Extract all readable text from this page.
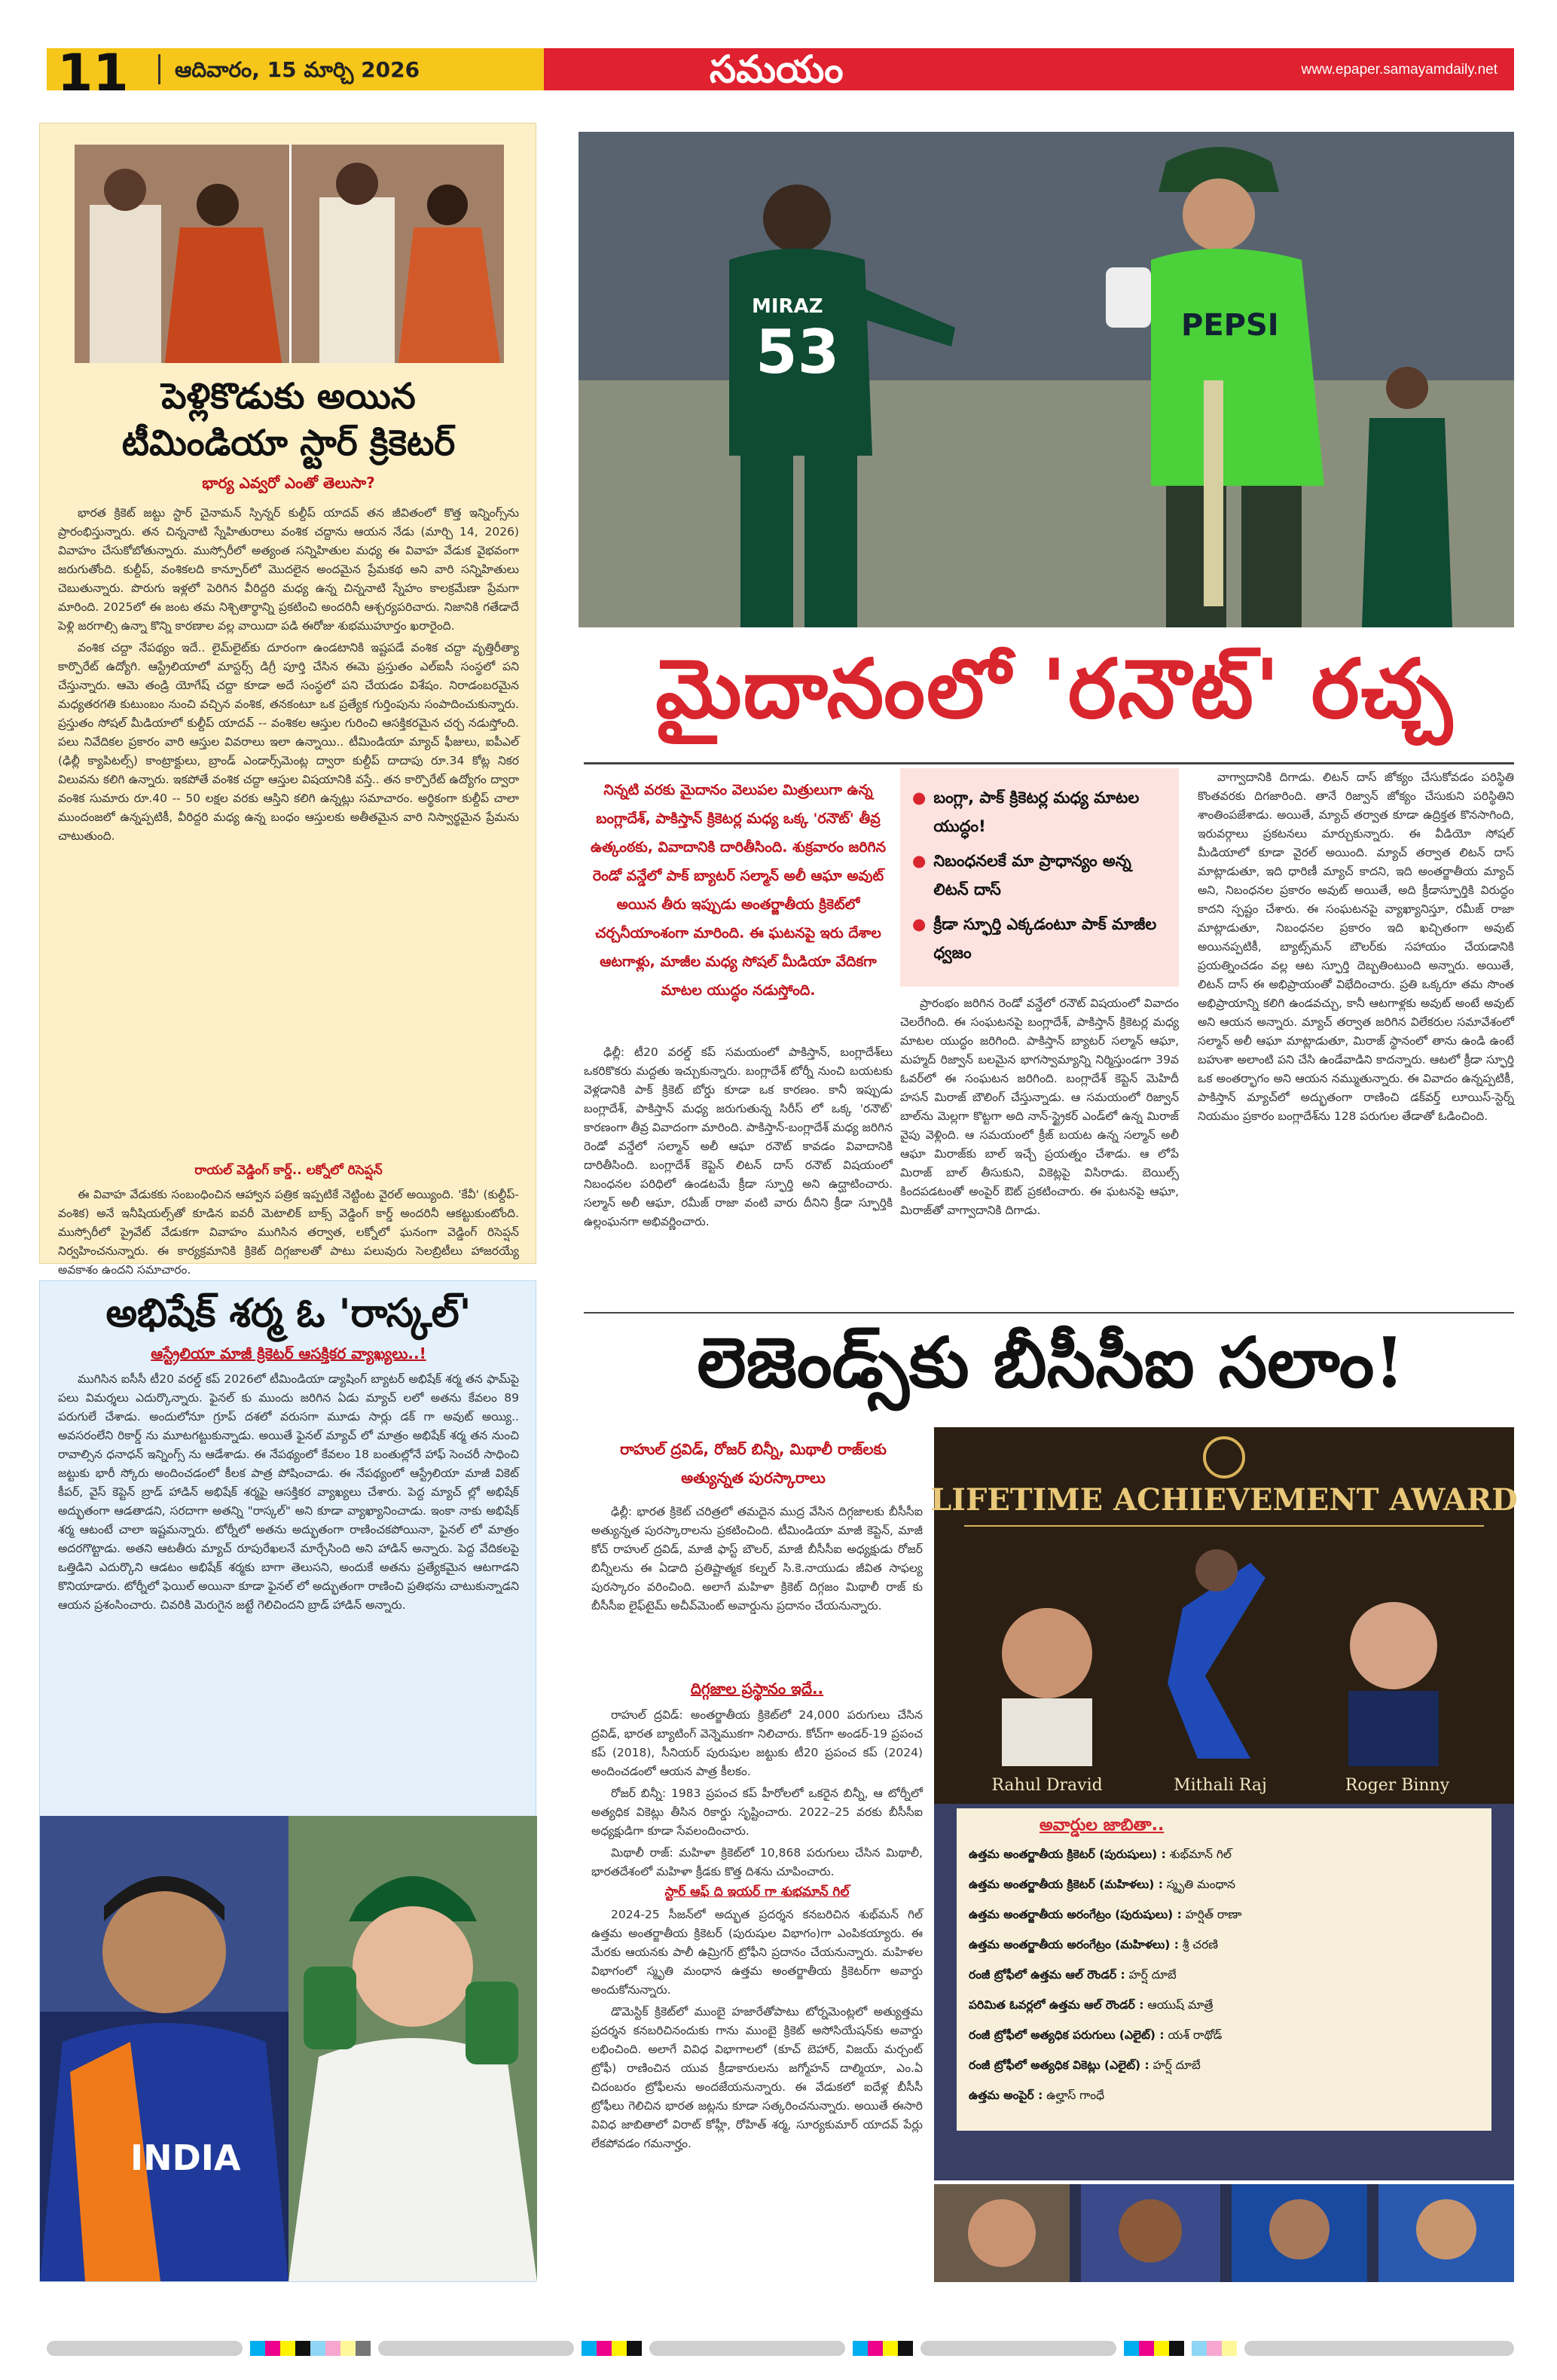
11 ఆదివారం, 15 మార్చి 2026	సమయం	www.epaper.samayamdaily.net
పెళ్లికొడుకు అయిన
టీమిండియా స్టార్ క్రికెటర్
భార్య ఎవ్వరో ఎంతో తెలుసా?

భారత క్రికెట్ జట్టు స్టార్ చైనామన్ స్పిన్నర్ కుల్దీప్ యాదవ్ తన జీవితంలో కొత్త ఇన్నింగ్స్‌ను ప్రారంభిస్తున్నారు. తన చిన్ననాటి స్నేహితురాలు వంశిక చద్దాను ఆయన నేడు (మార్చి 14, 2026) వివాహం చేసుకోబోతున్నారు. ముస్సోరీలో అత్యంత సన్నిహితుల మధ్య ఈ వివాహ వేడుక వైభవంగా జరుగుతోంది. కుల్దీప్, వంశికలది కాన్పూర్‌లో మొదలైన అందమైన ప్రేమకథ అని వారి సన్నిహితులు చెబుతున్నారు. పొరుగు ఇళ్లలో పెరిగిన వీరిద్దరి మధ్య ఉన్న చిన్ననాటి స్నేహం కాలక్రమేణా ప్రేమగా మారింది. 2025లో ఈ జంట తమ నిశ్చితార్థాన్ని ప్రకటించి అందరినీ ఆశ్చర్యపరిచారు. నిజానికి గతేడాదే పెళ్లి జరగాల్సి ఉన్నా కొన్ని కారణాల వల్ల వాయిదా పడి ఈరోజు శుభముహూర్తం ఖరారైంది.

వంశిక చద్దా నేపథ్యం ఇదే.. లైమ్‌లైట్‌కు దూరంగా ఉండటానికి ఇష్టపడే వంశిక చద్దా వృత్తిరీత్యా కార్పొరేట్ ఉద్యోగి. ఆస్ట్రేలియాలో మాస్టర్స్ డిగ్రీ పూర్తి చేసిన ఈమె ప్రస్తుతం ఎల్ఐసీ సంస్థలో పని చేస్తున్నారు. ఆమె తండ్రి యోగేష్ చద్దా కూడా అదే సంస్థలో పని చేయడం విశేషం. నిరాడంబరమైన మధ్యతరగతి కుటుంబం నుంచి వచ్చిన వంశిక, తనకంటూ ఒక ప్రత్యేక గుర్తింపును సంపాదించుకున్నారు. ప్రస్తుతం సోషల్ మీడియాలో కుల్దీప్ యాదవ్ -- వంశికల ఆస్తుల గురించి ఆసక్తికరమైన చర్చ నడుస్తోంది. పలు నివేదికల ప్రకారం వారి ఆస్తుల వివరాలు ఇలా ఉన్నాయి.. టీమిండియా మ్యాచ్ ఫీజులు, ఐపీఎల్ (ఢిల్లీ క్యాపిటల్స్) కాంట్రాక్టులు, బ్రాండ్ ఎండార్స్‌మెంట్ల ద్వారా కుల్దీప్ దాదాపు రూ.34 కోట్ల నికర విలువను కలిగి ఉన్నారు. ఇకపోతే వంశిక చద్దా ఆస్తుల విషయానికి వస్తే.. తన కార్పొరేట్ ఉద్యోగం ద్వారా వంశిక సుమారు రూ.40 -- 50 లక్షల వరకు ఆస్తిని కలిగి ఉన్నట్లు సమాచారం. అర్థికంగా కుల్దీప్ చాలా ముందంజలో ఉన్నప్పటికీ, వీరిద్దరి మధ్య ఉన్న బంధం ఆస్తులకు అతీతమైన వారి నిస్వార్థమైన ప్రేమను చాటుతుంది.

రాయల్ వెడ్డింగ్ కార్డ్.. లక్నోలో రిసెప్షన్

ఈ వివాహ వేడుకకు సంబంధించిన ఆహ్వాన పత్రిక ఇప్పటికే నెట్టింట వైరల్ అయ్యింది. 'కేవీ' (కుల్దీప్-వంశిక) అనే ఇనీషియల్స్‌తో కూడిన ఐవరీ మెటాలిక్ బాక్స్ వెడ్డింగ్ కార్డ్ అందరినీ ఆకట్టుకుంటోంది. ముస్సోరీలో ప్రైవేట్ వేడుకగా వివాహం ముగిసిన తర్వాత, లక్నోలో ఘనంగా వెడ్డింగ్ రిసెప్షన్ నిర్వహించనున్నారు. ఈ కార్యక్రమానికి క్రికెట్ దిగ్గజాలతో పాటు పలువురు సెలబ్రిటీలు హాజరయ్యే అవకాశం ఉందని సమాచారం.

అభిషేక్ శర్మ ఓ 'రాస్కల్'
ఆస్ట్రేలియా మాజీ క్రికెటర్ ఆసక్తికర వ్యాఖ్యలు..!

ముగిసిన ఐసీసీ టీ20 వరల్డ్ కప్ 2026లో టీమిండియా డ్యాషింగ్ బ్యాటర్ అభిషేక్ శర్మ తన ఫామ్‌పై పలు విమర్శలు ఎదుర్కొన్నారు. ఫైనల్ కు ముందు జరిగిన ఏడు మ్యాచ్ లలో అతను కేవలం 89 పరుగులే చేశాడు. అందులోనూ గ్రూప్ దశలో వరుసగా మూడు సార్లు డక్ గా అవుట్ అయ్యి.. అవసరంలేని రికార్డ్ ను మూటగట్టుకున్నాడు. అయితే ఫైనల్ మ్యాచ్ లో మాత్రం అభిషేక్ శర్మ తన నుంచి రావాల్సిన ధనాధన్ ఇన్నింగ్స్ ను ఆడేశాడు. ఈ నేపథ్యంలో కేవలం 18 బంతుల్లోనే హాఫ్ సెంచరీ సాధించి జట్టుకు భారీ స్కోరు అందించడంలో కీలక పాత్ర పోషించాడు. ఈ నేపథ్యంలో ఆస్ట్రేలియా మాజీ వికెట్ కీపర్, వైస్ కెప్టెన్ బ్రాడ్ హాడిన్ అభిషేక్ శర్మపై ఆసక్తికర వ్యాఖ్యలు చేశారు. పెద్ద మ్యాచ్ ల్లో అభిషేక్ అద్భుతంగా ఆడతాడని, సరదాగా అతన్ని "రాస్కల్" అని కూడా వ్యాఖ్యానించాడు. ఇంకా నాకు అభిషేక్ శర్మ ఆటంటే చాలా ఇష్టమన్నారు. టోర్నీలో అతను అద్భుతంగా రాణించకపోయినా, ఫైనల్ లో మాత్రం అదరగొట్టాడు. అతని ఆటతీరు మ్యాచ్ రూపురేఖలనే మార్చేసింది అని హాడిన్ అన్నారు. పెద్ద వేదికలపై ఒత్తిడిని ఎదుర్కొని ఆడటం అభిషేక్ శర్మకు బాగా తెలుసని, అందుకే అతను ప్రత్యేకమైన ఆటగాడని కొనియాడారు. టోర్నీలో ఫెయిల్ అయినా కూడా ఫైనల్ లో అద్భుతంగా రాణించి ప్రతిభను చాటుకున్నాడని ఆయన ప్రశంసించారు. చివరికి మెరుగైన జట్టే గెలిచిందని బ్రాడ్ హాడిన్ అన్నారు.

INDIA
MIRAZ
53	PEPSI
మైదానంలో 'రనౌట్' రచ్చ
నిన్నటి వరకు మైదానం వెలుపల మిత్రులుగా ఉన్న బంగ్లాదేశ్, పాకిస్తాన్ క్రికెటర్ల మధ్య ఒక్క 'రనౌట్' తీవ్ర ఉత్కంఠకు, వివాదానికి దారితీసింది. శుక్రవారం జరిగిన రెండో వన్డేలో పాక్ బ్యాటర్ సల్మాన్ అలీ ఆఘా అవుట్ అయిన తీరు ఇప్పుడు అంతర్జాతీయ క్రికెట్‌లో చర్చనీయాంశంగా మారింది. ఈ ఘటనపై ఇరు దేశాల ఆటగాళ్లు, మాజీల మధ్య సోషల్ మీడియా వేదికగా మాటల యుద్ధం నడుస్తోంది.
● బంగ్లా, పాక్ క్రికెటర్ల మధ్య మాటల యుద్ధం!
● నిబంధనలకే మా ప్రాధాన్యం అన్న లిటన్ దాస్
● క్రీడా స్ఫూర్తి ఎక్కడంటూ పాక్ మాజీల ధ్వజం

ఢిల్లీ: టీ20 వరల్డ్ కప్ సమయంలో పాకిస్తాన్, బంగ్లాదేశ్‌లు ఒకరికొకరు మద్దతు ఇచ్చుకున్నారు. బంగ్లాదేశ్ టోర్నీ నుంచి బయటకు వెళ్లడానికి పాక్ క్రికెట్ బోర్డు కూడా ఒక కారణం. కానీ ఇప్పుడు బంగ్లాదేశ్, పాకిస్తాన్ మధ్య జరుగుతున్న సిరీస్ లో ఒక్క 'రనౌట్' కారణంగా తీవ్ర వివాదంగా మారింది. పాకిస్తాన్-బంగ్లాదేశ్ మధ్య జరిగిన రెండో వన్డేలో సల్మాన్ అలీ ఆఘా రనౌట్ కావడం వివాదానికి దారితీసింది. బంగ్లాదేశ్ కెప్టెన్ లిటన్ దాస్ రనౌట్ విషయంలో నిబంధనల పరిధిలో ఉండటమే క్రీడా స్ఫూర్తి అని ఉద్ఘాటించారు. సల్మాన్ అలీ ఆఘా, రమీజ్ రాజా వంటి వారు దీనిని క్రీడా స్ఫూర్తికి ఉల్లంఘనగా అభివర్ణించారు.

ప్రారంభం జరిగిన రెండో వన్డేలో రనౌట్ విషయంలో వివాదం చెలరేగింది. ఈ సంఘటనపై బంగ్లాదేశ్, పాకిస్తాన్ క్రికెటర్ల మధ్య మాటల యుద్ధం జరిగింది. పాకిస్తాన్ బ్యాటర్ సల్మాన్ ఆఘా, మహ్మద్ రిజ్వాన్ బలమైన భాగస్వామ్యాన్ని నిర్మిస్తుండగా 39వ ఓవర్‌లో ఈ సంఘటన జరిగింది. బంగ్లాదేశ్ కెప్టెన్ మెహిదీ హసన్ మిరాజ్ బౌలింగ్ చేస్తున్నాడు. ఆ సమయంలో రిజ్వాన్ బాల్‌ను మెల్లగా కొట్టగా అది నాన్-స్ట్రైకర్ ఎండ్‌లో ఉన్న మిరాజ్ వైపు వెళ్లింది. ఆ సమయంలో క్రీజ్ బయట ఉన్న సల్మాన్ అలీ ఆఘా మిరాజ్‌కు బాల్ ఇచ్చే ప్రయత్నం చేశాడు. ఆ లోపే మిరాజ్ బాల్ తీసుకుని, వికెట్లపై విసిరాడు. బెయిల్స్ కిందపడటంతో అంపైర్ ఔట్ ప్రకటించారు. ఈ ఘటనపై ఆఘా, మిరాజ్‌తో వాగ్వాదానికి దిగాడు.

వాగ్వాదానికి దిగాడు. లిటన్ దాస్ జోక్యం చేసుకోవడం పరిస్థితి కొంతవరకు దిగజారింది. తానే రిజ్వాన్ జోక్యం చేసుకుని పరిస్థితిని శాంతింపజేశాడు. అయితే, మ్యాచ్ తర్వాత కూడా ఉద్రిక్తత కొనసాగింది, ఇరువర్గాలు ప్రకటనలు మార్చుకున్నారు. ఈ వీడియో సోషల్ మీడియాలో కూడా వైరల్ అయింది. మ్యాచ్ తర్వాత లిటన్ దాస్ మాట్లాడుతూ, ఇది ధారిణీ మ్యాచ్ కాదని, ఇది అంతర్జాతీయ మ్యాచ్ అని, నిబంధనల ప్రకారం అవుట్ అయితే, అది క్రీడాస్ఫూర్తికి విరుద్ధం కాదని స్పష్టం చేశారు. ఈ సంఘటనపై వ్యాఖ్యానిస్తూ, రమీజ్ రాజా మాట్లాడుతూ, నిబంధనల ప్రకారం ఇది ఖచ్చితంగా అవుట్ అయినప్పటికీ, బ్యాట్స్‌మన్ బౌలర్‌కు సహాయం చేయడానికి ప్రయత్నించడం వల్ల ఆట స్ఫూర్తి దెబ్బతింటుంది అన్నారు. అయితే, లిటన్ దాస్ ఈ అభిప్రాయంతో విభేదించారు. ప్రతి ఒక్కరూ తమ సొంత అభిప్రాయాన్ని కలిగి ఉండవచ్చు, కానీ ఆటగాళ్లకు అవుట్ అంటే అవుట్ అని ఆయన అన్నారు. మ్యాచ్ తర్వాత జరిగిన విలేకరుల సమావేశంలో సల్మాన్ అలీ ఆఘా మాట్లాడుతూ, మిరాజ్ స్థానంలో తాను ఉండి ఉంటే బహుశా అలాంటి పని చేసి ఉండేవాడిని కాదన్నారు. ఆటలో క్రీడా స్ఫూర్తి ఒక అంతర్భాగం అని ఆయన నమ్ముతున్నారు. ఈ వివాదం ఉన్నప్పటికీ, పాకిస్తాన్ మ్యాచ్‌లో అద్భుతంగా రాణించి డక్‌వర్త్ లూయిస్-స్టెర్న్ నియమం ప్రకారం బంగ్లాదేశ్‌ను 128 పరుగుల తేడాతో ఓడించింది.

లెజెండ్స్‌కు బీసీసీఐ సలాం!
రాహుల్ ద్రవిడ్, రోజర్ బిన్నీ, మిథాలీ రాజ్‌లకు అత్యున్నత పురస్కారాలు

ఢిల్లీ: భారత క్రికెట్ చరిత్రలో తమదైన ముద్ర వేసిన దిగ్గజాలకు బీసీసీఐ అత్యున్నత పురస్కారాలను ప్రకటించింది. టీమిండియా మాజీ కెప్టెన్, మాజీ కోచ్ రాహుల్ ద్రవిడ్, మాజీ ఫాస్ట్ బౌలర్, మాజీ బీసీసీఐ అధ్యక్షుడు రోజర్ బిన్నీలను ఈ ఏడాది ప్రతిష్టాత్మక కల్నల్ సి.కె.నాయుడు జీవిత సాఫల్య పురస్కారం వరించింది. అలాగే మహిళా క్రికెట్ దిగ్గజం మిథాలీ రాజ్ కు బీసీసీఐ లైఫ్‌టైమ్ అచీవ్‌మెంట్ అవార్డును ప్రదానం చేయనున్నారు.

దిగ్గజాల ప్రస్థానం ఇదే..

రాహుల్ ద్రవిడ్: అంతర్జాతీయ క్రికెట్‌లో 24,000 పరుగులు చేసిన ద్రవిడ్, భారత బ్యాటింగ్ వెన్నెముకగా నిలిచారు. కోచ్‌గా అండర్-19 ప్రపంచ కప్ (2018), సీనియర్ పురుషుల జట్టుకు టీ20 ప్రపంచ కప్ (2024) అందించడంలో ఆయన పాత్ర కీలకం.

రోజర్ బిన్నీ: 1983 ప్రపంచ కప్ హీరోలలో ఒకరైన బిన్నీ, ఆ టోర్నీలో అత్యధిక వికెట్లు తీసిన రికార్డు సృష్టించారు. 2022–25 వరకు బీసీసీఐ అధ్యక్షుడిగా కూడా సేవలందించారు.

మిథాలీ రాజ్: మహిళా క్రికెట్‌లో 10,868 పరుగులు చేసిన మిథాలీ, భారతదేశంలో మహిళా క్రీడకు కొత్త దిశను చూపించారు.

స్టార్ ఆఫ్ ది ఇయర్ గా శుభమాన్ గిల్

2024-25 సీజన్‌లో అద్భుత ప్రదర్శన కనబరిచిన శుభ్‌మన్ గిల్ ఉత్తమ అంతర్జాతీయ క్రికెటర్ (పురుషుల విభాగం)గా ఎంపికయ్యారు. ఈ మేరకు ఆయనకు పాలీ ఉమ్రిగర్ ట్రోఫీని ప్రదానం చేయనున్నారు. మహిళల విభాగంలో స్మృతి మంధాన ఉత్తమ అంతర్జాతీయ క్రికెటర్‌గా అవార్డు అందుకోనున్నారు.

డొమెస్టిక్ క్రికెట్‌లో ముంబై హజారేతోపాటు టోర్నమెంట్లలో అత్యుత్తమ ప్రదర్శన కనబరిచినందుకు గాను ముంబై క్రికెట్ అసోసియేషన్‌కు అవార్డు లభించింది. అలాగే వివిధ విభాగాలలో (కూచ్ బెహార్, విజయ్ మర్చంట్ ట్రోఫీ) రాణించిన యువ క్రీడాకారులను జగ్మోహన్ దాల్మియా, ఎం.ఏ చిదంబరం ట్రోఫీలను అందజేయనున్నారు. ఈ వేడుకలో ఐదేళ్ల బీసీసీ ట్రోఫీలు గెలిచిన భారత జట్లను కూడా సత్కరించనున్నారు. అయితే ఈసారి వివిధ జాబితాలో విరాట్ కోహ్లీ, రోహిత్ శర్మ, సూర్యకుమార్ యాదవ్ పేర్లు లేకపోవడం గమనార్హం.

LIFETIME ACHIEVEMENT AWARD
Rahul Dravid	Mithali Raj	Roger Binny
అవార్డుల జాబితా..
ఉత్తమ అంతర్జాతీయ క్రికెటర్ (పురుషులు) : శుభ్‌మాన్ గిల్
ఉత్తమ అంతర్జాతీయ క్రికెటర్ (మహిళలు) : స్మృతి మంధాన
ఉత్తమ అంతర్జాతీయ అరంగేట్రం (పురుషులు) : హర్షిత్ రాణా
ఉత్తమ అంతర్జాతీయ అరంగేట్రం (మహిళలు) : శ్రీ చరణి
రంజీ ట్రోఫీలో ఉత్తమ ఆల్ రౌండర్ : హర్ష్ దూబే
పరిమిత ఓవర్లలో ఉత్తమ ఆల్ రౌండర్ : ఆయుష్ మాత్రే
రంజీ ట్రోఫీలో అత్యధిక పరుగులు (ఎలైట్) : యశ్ రాథోడ్
రంజీ ట్రోఫీలో అత్యధిక వికెట్లు (ఎలైట్) : హర్ష్ దూబే
ఉత్తమ అంపైర్ : ఉల్హాస్ గాంధే
